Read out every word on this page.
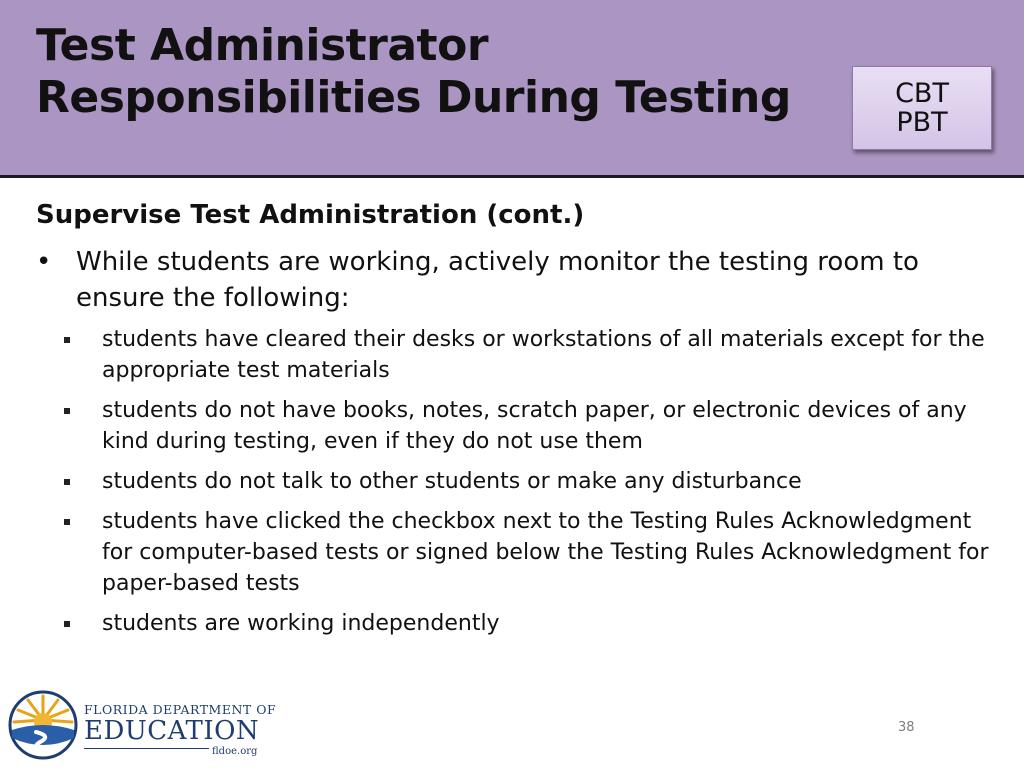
Test Administrator
Responsibilities During Testing	CBT
PBT
Supervise Test Administration (cont.)
• While students are working, actively monitor the testing room to ensure the following:
students have cleared their desks or workstations of all materials except for the appropriate test materials
students do not have books, notes, scratch paper, or electronic devices of any kind during testing, even if they do not use them
students do not talk to other students or make any disturbance
students have clicked the checkbox next to the Testing Rules Acknowledgment for computer-based tests or signed below the Testing Rules Acknowledgment for paper-based tests
students are working independently
FLORIDA DEPARTMENT OF
EDUCATION
fldoe.org
38
